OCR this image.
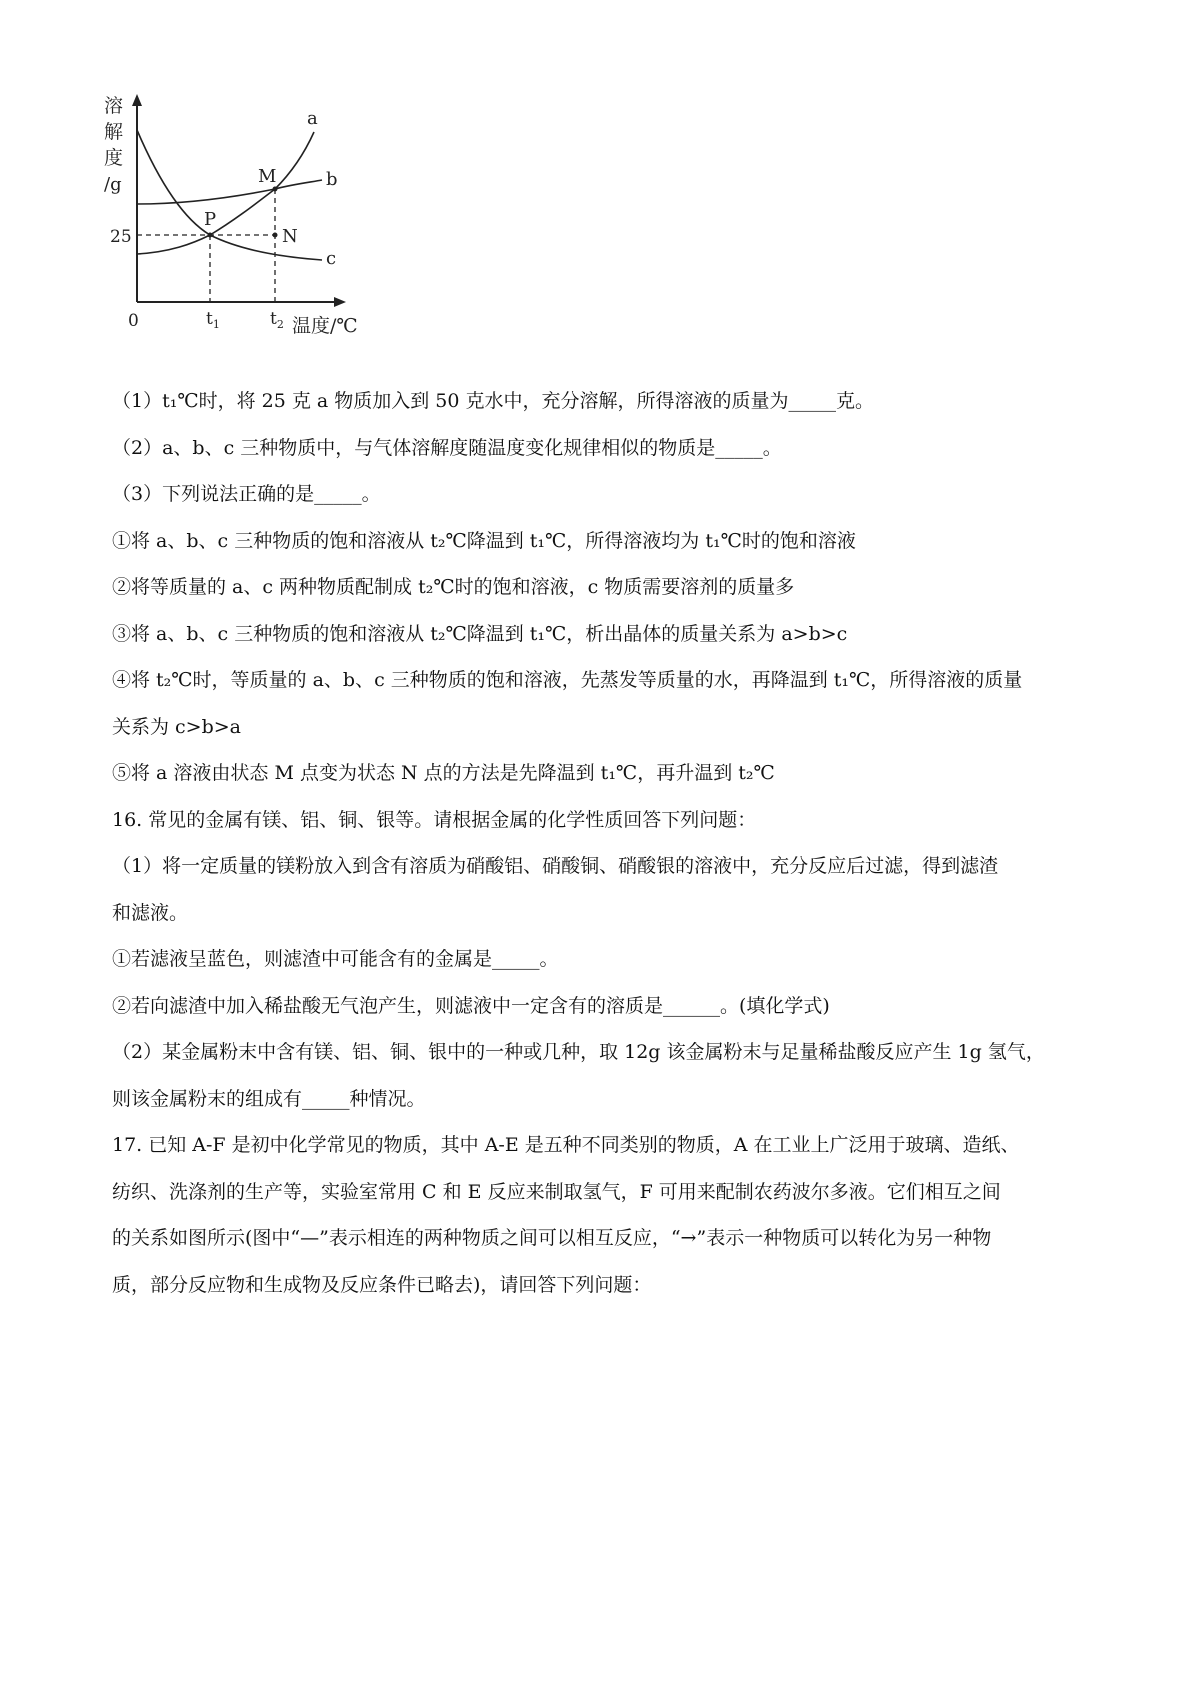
溶
解
度
/g
25
0	$t_1$	$t_2$ 温度/℃
P
M
N
a
b
c
（1）t₁℃时，将 25 克 a 物质加入到 50 克水中，充分溶解，所得溶液的质量为_____克。
（2）a、b、c 三种物质中，与气体溶解度随温度变化规律相似的物质是_____。
（3）下列说法正确的是_____。
①将 a、b、c 三种物质的饱和溶液从 t₂℃降温到 t₁℃，所得溶液均为 t₁℃时的饱和溶液
②将等质量的 a、c 两种物质配制成 t₂℃时的饱和溶液，c 物质需要溶剂的质量多
③将 a、b、c 三种物质的饱和溶液从 t₂℃降温到 t₁℃，析出晶体的质量关系为 a>b>c
④将 t₂℃时，等质量的 a、b、c 三种物质的饱和溶液，先蒸发等质量的水，再降温到 t₁℃，所得溶液的质量
关系为 c>b>a
⑤将 a 溶液由状态 M 点变为状态 N 点的方法是先降温到 t₁℃，再升温到 t₂℃
16. 常见的金属有镁、铝、铜、银等。请根据金属的化学性质回答下列问题：
（1）将一定质量的镁粉放入到含有溶质为硝酸铝、硝酸铜、硝酸银的溶液中，充分反应后过滤，得到滤渣
和滤液。
①若滤液呈蓝色，则滤渣中可能含有的金属是_____。
②若向滤渣中加入稀盐酸无气泡产生，则滤液中一定含有的溶质是______。(填化学式)
（2）某金属粉末中含有镁、铝、铜、银中的一种或几种，取 12g 该金属粉末与足量稀盐酸反应产生 1g 氢气，
则该金属粉末的组成有_____种情况。
17. 已知 A-F 是初中化学常见的物质，其中 A-E 是五种不同类别的物质，A 在工业上广泛用于玻璃、造纸、
纺织、洗涤剂的生产等，实验室常用 C 和 E 反应来制取氢气，F 可用来配制农药波尔多液。它们相互之间
的关系如图所示(图中“—”表示相连的两种物质之间可以相互反应，“→”表示一种物质可以转化为另一种物
质，部分反应物和生成物及反应条件已略去)，请回答下列问题：
